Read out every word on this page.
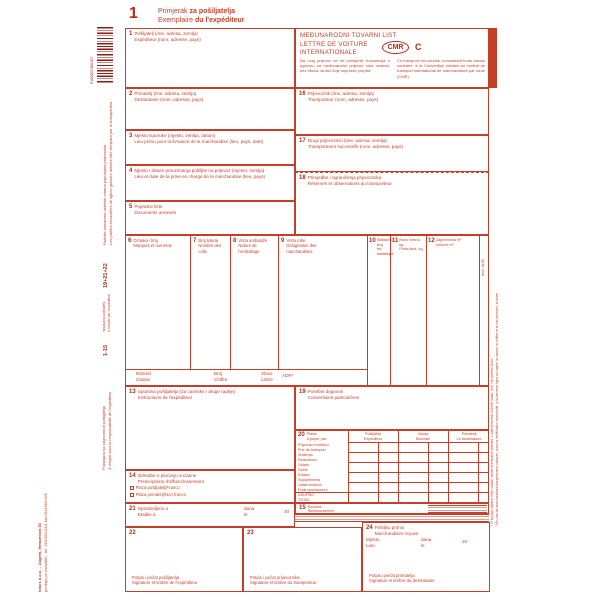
1	Primjerak za pošiljatelja
Exemplaire du l'expéditeur
9160007480187
1 Pošiljatelj (ime, adresa, zemlja)
Expéditeur (nom, adresse, pays)
2 Primatelj (ime, adresa, zemlja)
Destinataire (nom, adresse, pays)
3 Mjesto isporuke (mjesto, zemlja, datum)
Lieu prévu pour la livraison de la marchandise (lieu, pays, date)
4 Mjesto i datum preuzimanja pošiljke na prijevoz (mjesto, zemlja)
Lieu et date de la prise en charge de la marchandise (lieu, pays)
5 Popratne liste
Documents annexés
MEĐUNARODNI TOVARNI LIST
LETTRE DE VOITURE
INTERNATIONALE
CMR	C
Na ovaj prijevoz će se primijeniti Konvencija o ugovoru za međunarodni prijevoz robe cestom, bez obzira na bilo koje suprotne propise
Ce transport est soumis, nonobstant toute clause contraire, à la Convention relative au contrat de transport international de marchandises par route (CMR)
16 Prijevoznik (ime, adresa, zemlja)
Transporteur (nom, adresse, pays)
17 Drugi prijevoznici (ime, adresa, zemlja)
Transporteurs successifs (nom, adresse, pays)
18 Primjedbe i ograničenja prijevoznika
Réserves et observations du transporteur
6 Oznaka i broj
Marques et numéros
7 Broj koleta
Nombre des colis
8 Vrsta ambalaže
Nature de l'emballage
9 Vrsta robe
Désignation des marchandises
10 Statistički broj
No. statistique
11 Bruto težina, kg
Poids brut, kg
12 Zapremnina m³
Volume m³
Razred
Classe
Broj
Chiffre
Slovo
Lettre
ADR*
13 Uputstva pošiljatelja (za carinske i druge radnje)
Instructions de l'expéditeur
19 Posebni dogovori
Conventions particulières
20 Plaća:
A payer par:
Pošiljatelj
Expéditeur
Valuta
Monnaie
Primatelj
Le destinataire
Prijevozni troškovi
Prix de transport
Sniženja
Réductions
Ostalo
Solde
Dodaci
Suppléments
Ostali troškovi
Frais accessoires
UKUPNO
TOTAL
15 Pouzeće
Remboursement
14 Odredbe o plaćanju vozarine
Prescriptions d'affranchissement
Plaća pošiljatelj/Franco
Plaća primatelj/Non franco
21 Ispostavljeno u
Etablie à
dana
le
20
22
Potpis i pečat pošiljatelja
Signature et timbre de l'expéditeur
23
Potpis i pečat prijevoznika
Signature et timbre du transporteur
24 Pošiljku primio
Marchandises reçues
Mjesto
Lieu
dana
le
20
Potpis i pečat primatelja
Signature et timbre du destinataire
Rubrike uokvirene debelim crtama popunjava prijevoznik Les parties encadrées de lignes grasses doivent être remplies par le transporteur
19+21+22
ispunjava pošiljatelj à remplir par l'expéditeur
1-15
Popunjava na odgovornost pošiljatelja À remplir sous la responsabilité de l'expéditeur
tokos d.o.o. – Zagreb, Heinzelova 53 prodaja po narudžbi · tel. 01/2383-044, fax 01/2383-045
kod. ADR
* U slučaju opasne robe upisati, pored eventualne potvrde, u zadnjem redu rubrike: klasu, broj i po potrebi slovo * En cas de marchandises dangereuses indiquer, outre la certification éventuelle, à la dernière ligne du cadre: la classe, le chiffre et le cas échéant, la lettre
